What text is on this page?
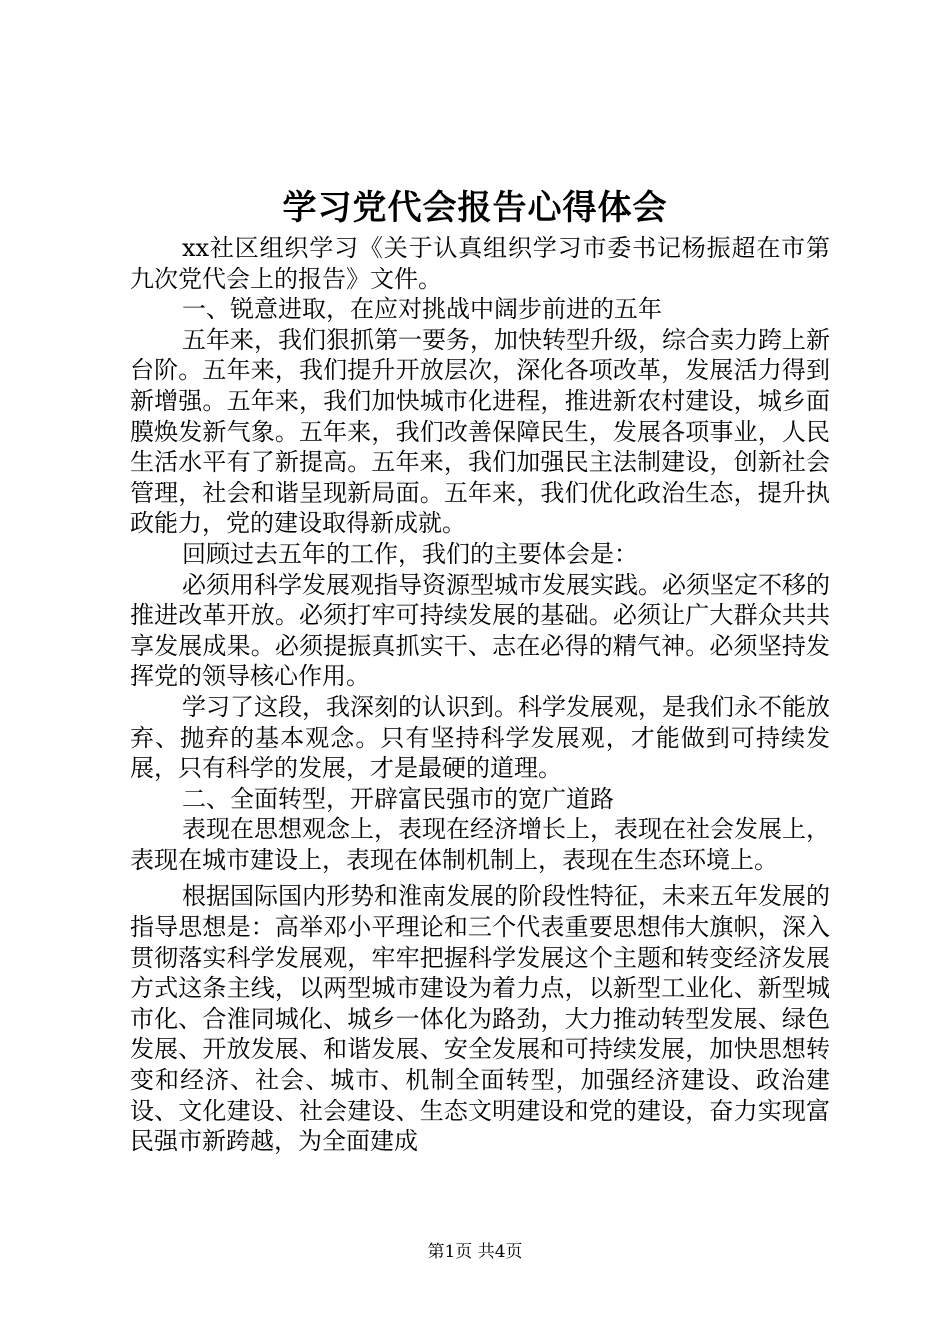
学习党代会报告心得体会

xx社区组织学习《关于认真组织学习市委书记杨振超在市第九次党代会上的报告》文件。

一、锐意进取，在应对挑战中阔步前进的五年

五年来，我们狠抓第一要务，加快转型升级，综合卖力跨上新台阶。五年来，我们提升开放层次，深化各项改革，发展活力得到新增强。五年来，我们加快城市化进程，推进新农村建设，城乡面膜焕发新气象。五年来，我们改善保障民生，发展各项事业，人民生活水平有了新提高。五年来，我们加强民主法制建设，创新社会管理，社会和谐呈现新局面。五年来，我们优化政治生态，提升执政能力，党的建设取得新成就。

回顾过去五年的工作，我们的主要体会是：

必须用科学发展观指导资源型城市发展实践。必须坚定不移的推进改革开放。必须打牢可持续发展的基础。必须让广大群众共共享发展成果。必须提振真抓实干、志在必得的精气神。必须坚持发挥党的领导核心作用。

学习了这段，我深刻的认识到。科学发展观，是我们永不能放弃、抛弃的基本观念。只有坚持科学发展观，才能做到可持续发展，只有科学的发展，才是最硬的道理。

二、全面转型，开辟富民强市的宽广道路

表现在思想观念上，表现在经济增长上，表现在社会发展上，表现在城市建设上，表现在体制机制上，表现在生态环境上。

根据国际国内形势和淮南发展的阶段性特征，未来五年发展的指导思想是：高举邓小平理论和三个代表重要思想伟大旗帜，深入贯彻落实科学发展观，牢牢把握科学发展这个主题和转变经济发展方式这条主线，以两型城市建设为着力点，以新型工业化、新型城市化、合淮同城化、城乡一体化为路劲，大力推动转型发展、绿色发展、开放发展、和谐发展、安全发展和可持续发展，加快思想转变和经济、社会、城市、机制全面转型，加强经济建设、政治建设、文化建设、社会建设、生态文明建设和党的建设，奋力实现富民强市新跨越，为全面建成

第1页 共4页
